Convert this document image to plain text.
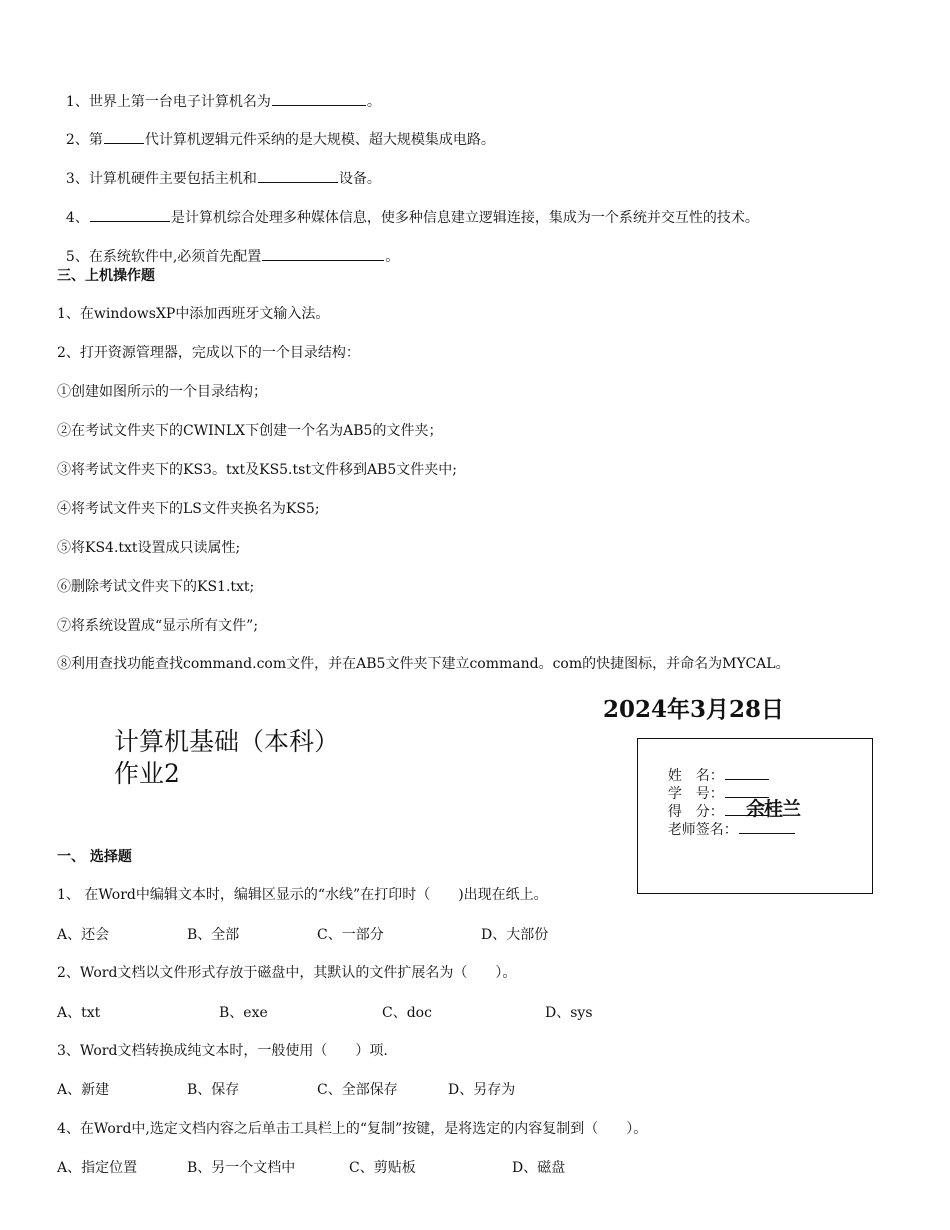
1、世界上第一台电子计算机名为	。

2、第	代计算机逻辑元件采纳的是大规模、超大规模集成电路。

3、计算机硬件主要包括主机和	设备。

4、	是计算机综合处理多种媒体信息，使多种信息建立逻辑连接，集成为一个系统并交互性的技术。

5、在系统软件中,必须首先配置	。

三、上机操作题
1、在windowsXP中添加西班牙文输入法。
2、打开资源管理器，完成以下的一个目录结构：
①创建如图所示的一个目录结构；
②在考试文件夹下的CWINLX下创建一个名为AB5的文件夹；
③将考试文件夹下的KS3。txt及KS5.tst文件移到AB5文件夹中;
④将考试文件夹下的LS文件夹换名为KS5;
⑤将KS4.txt设置成只读属性;
⑥删除考试文件夹下的KS1.txt;
⑦将系统设置成“显示所有文件”;
⑧利用查找功能查找command.com文件，并在AB5文件夹下建立command。com的快捷图标，并命名为MYCAL。
2024年3月28日
计算机基础（本科）
作业2	姓　名：

学　号：

得　分：

老师签名：

余桂兰
一、 选择题
1、 在Word中编辑文本时，编辑区显示的“水线”在打印时（　　)出现在纸上。
A、还会	B、全部	C、一部分	D、大部份
2、Word文档以文件形式存放于磁盘中，其默认的文件扩展名为（　　）。
A、txt	B、exe	C、doc	D、sys
3、Word文档转换成纯文本时，一般使用（　　）项.
A、新建	B、保存	C、全部保存	D、另存为
4、在Word中,选定文档内容之后单击工具栏上的“复制”按键，是将选定的内容复制到（　　）。
A、指定位置	B、另一个文档中	C、剪贴板	D、磁盘
